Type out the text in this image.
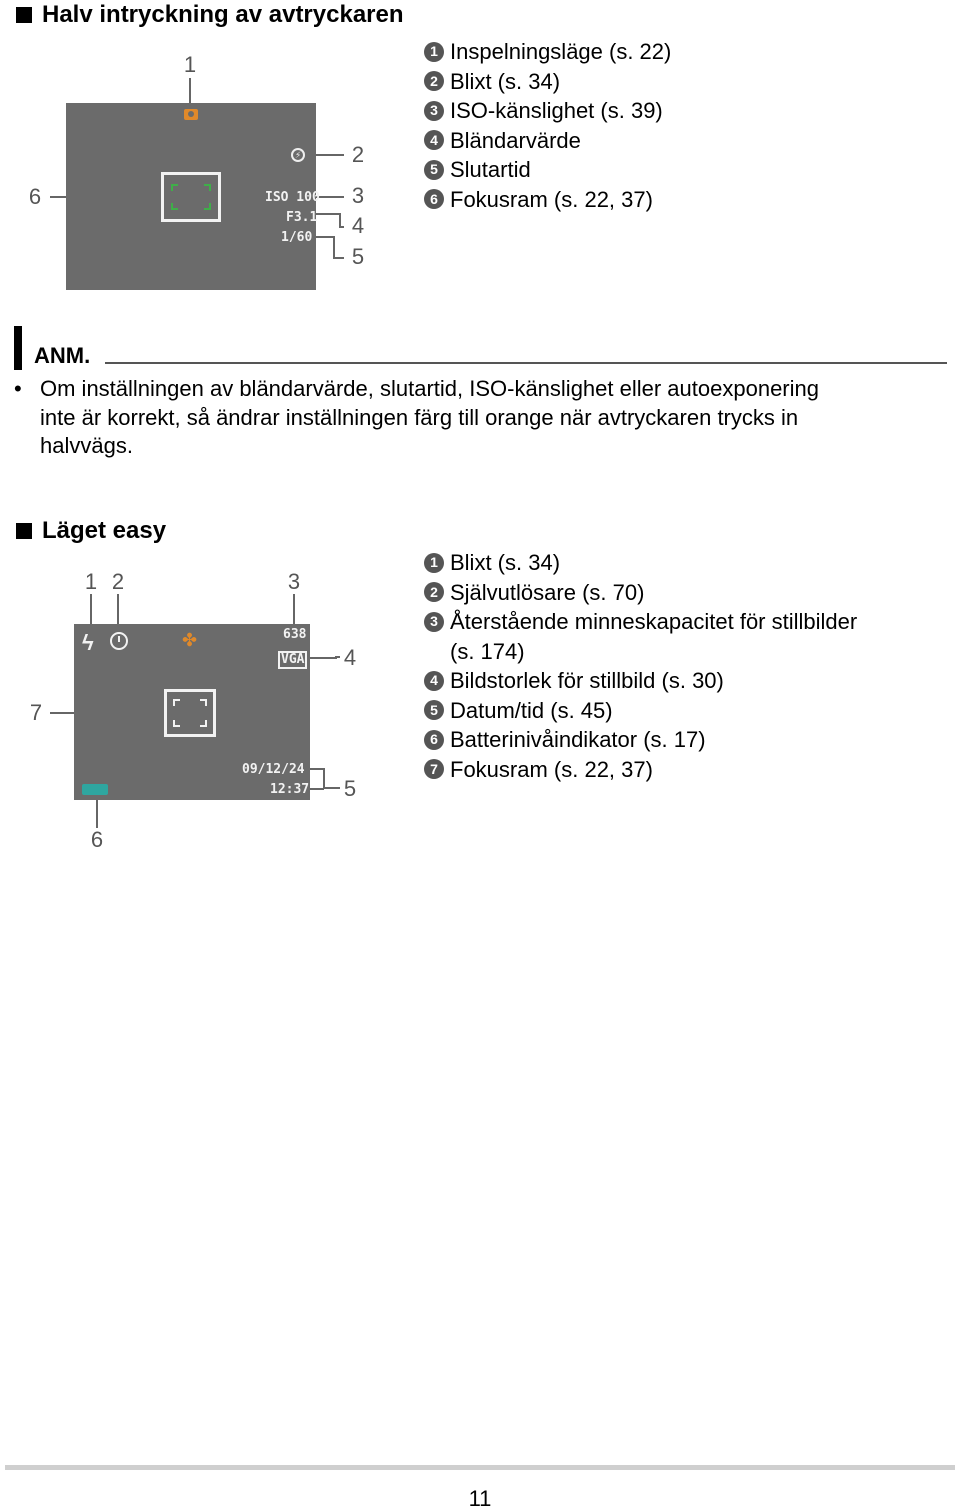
Halv intryckning av avtryckaren
⚡
ISO 100
F3.1
1/60
1
2
3
4
5
6
1 Inspelningsläge (s. 22)
2 Blixt (s. 34)
3 ISO-känslighet (s. 39)
4 Bländarvärde
5 Slutartid
6 Fokusram (s. 22, 37)
ANM.
• Om inställningen av bländarvärde, slutartid, ISO-känslighet eller autoexponering
inte är korrekt, så ändrar inställningen färg till orange när avtryckaren trycks in
halvvägs.
Läget easy
ϟ	✤	638
VGA
09/12/24
12:37
1 2	3
4
5
6
7
1 Blixt (s. 34)
2 Självutlösare (s. 70)
3 Återstående minneskapacitet för stillbilder
(s. 174)
4 Bildstorlek för stillbild (s. 30)
5 Datum/tid (s. 45)
6 Batterinivåindikator (s. 17)
7 Fokusram (s. 22, 37)
11
